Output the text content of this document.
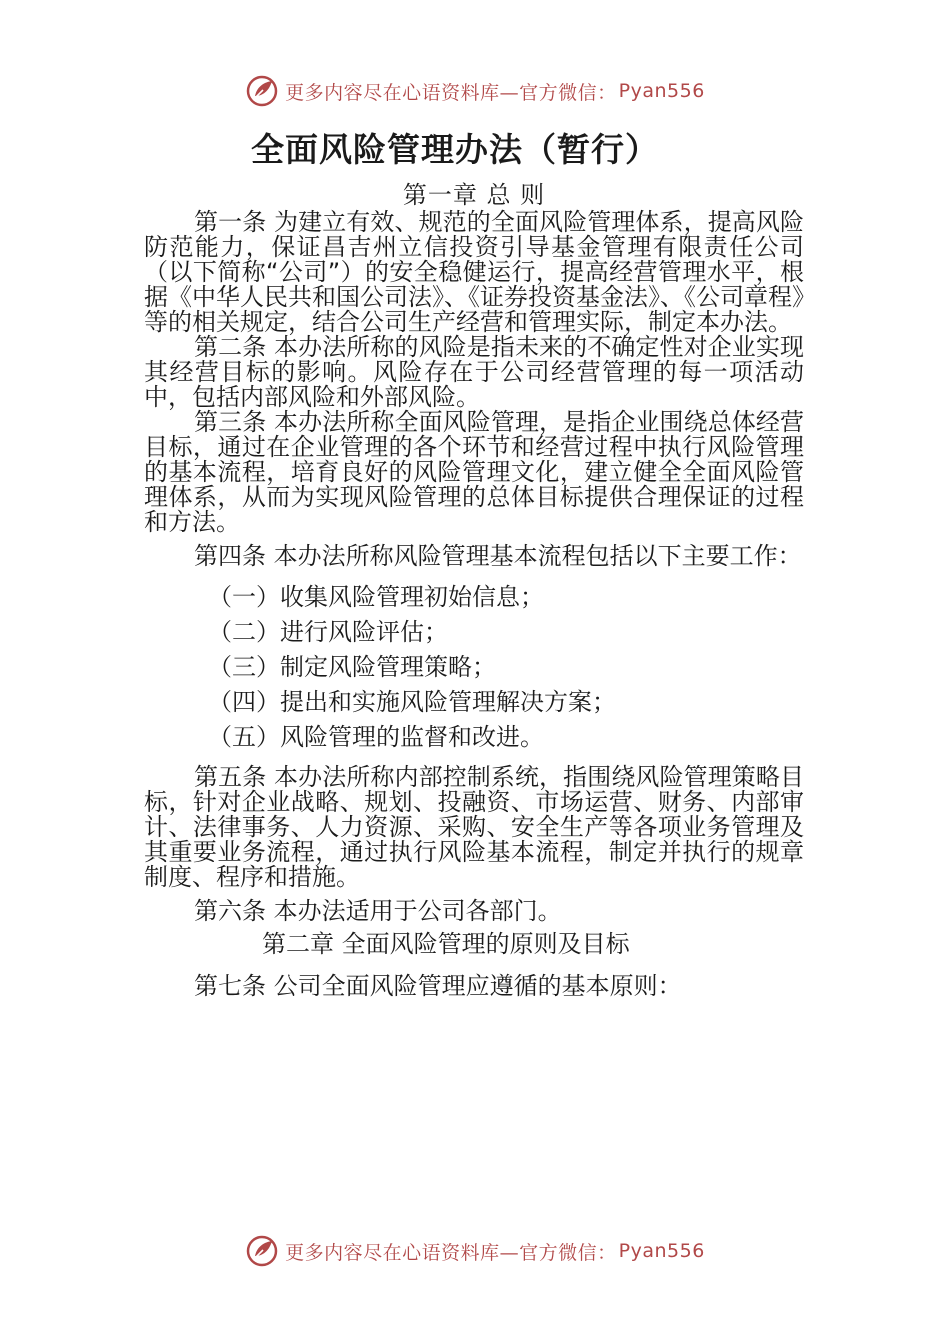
更多内容尽在心语资料库—官方微信： Pyan556
全面风险管理办法（暂行）
第一章 总 则

第一条 为建立有效、规范的全面风险管理体系，提高风险防范能力，保证昌吉州立信投资引导基金管理有限责任公司（以下简称“公司”）的安全稳健运行，提高经营管理水平，根据《中华人民共和国公司法》、《证券投资基金法》、《公司章程》等的相关规定，结合公司生产经营和管理实际，制定本办法。

第二条 本办法所称的风险是指未来的不确定性对企业实现其经营目标的影响。风险存在于公司经营管理的每一项活动中，包括内部风险和外部风险。

第三条 本办法所称全面风险管理，是指企业围绕总体经营目标，通过在企业管理的各个环节和经营过程中执行风险管理的基本流程，培育良好的风险管理文化，建立健全全面风险管理体系，从而为实现风险管理的总体目标提供合理保证的过程和方法。

第四条 本办法所称风险管理基本流程包括以下主要工作：

（一）收集风险管理初始信息；
（二）进行风险评估；
（三）制定风险管理策略；
（四）提出和实施风险管理解决方案；
（五）风险管理的监督和改进。

第五条 本办法所称内部控制系统，指围绕风险管理策略目标，针对企业战略、规划、投融资、市场运营、财务、内部审计、法律事务、人力资源、采购、安全生产等各项业务管理及其重要业务流程，通过执行风险基本流程，制定并执行的规章制度、程序和措施。

第六条 本办法适用于公司各部门。

第二章 全面风险管理的原则及目标

第七条 公司全面风险管理应遵循的基本原则：

更多内容尽在心语资料库—官方微信： Pyan556
